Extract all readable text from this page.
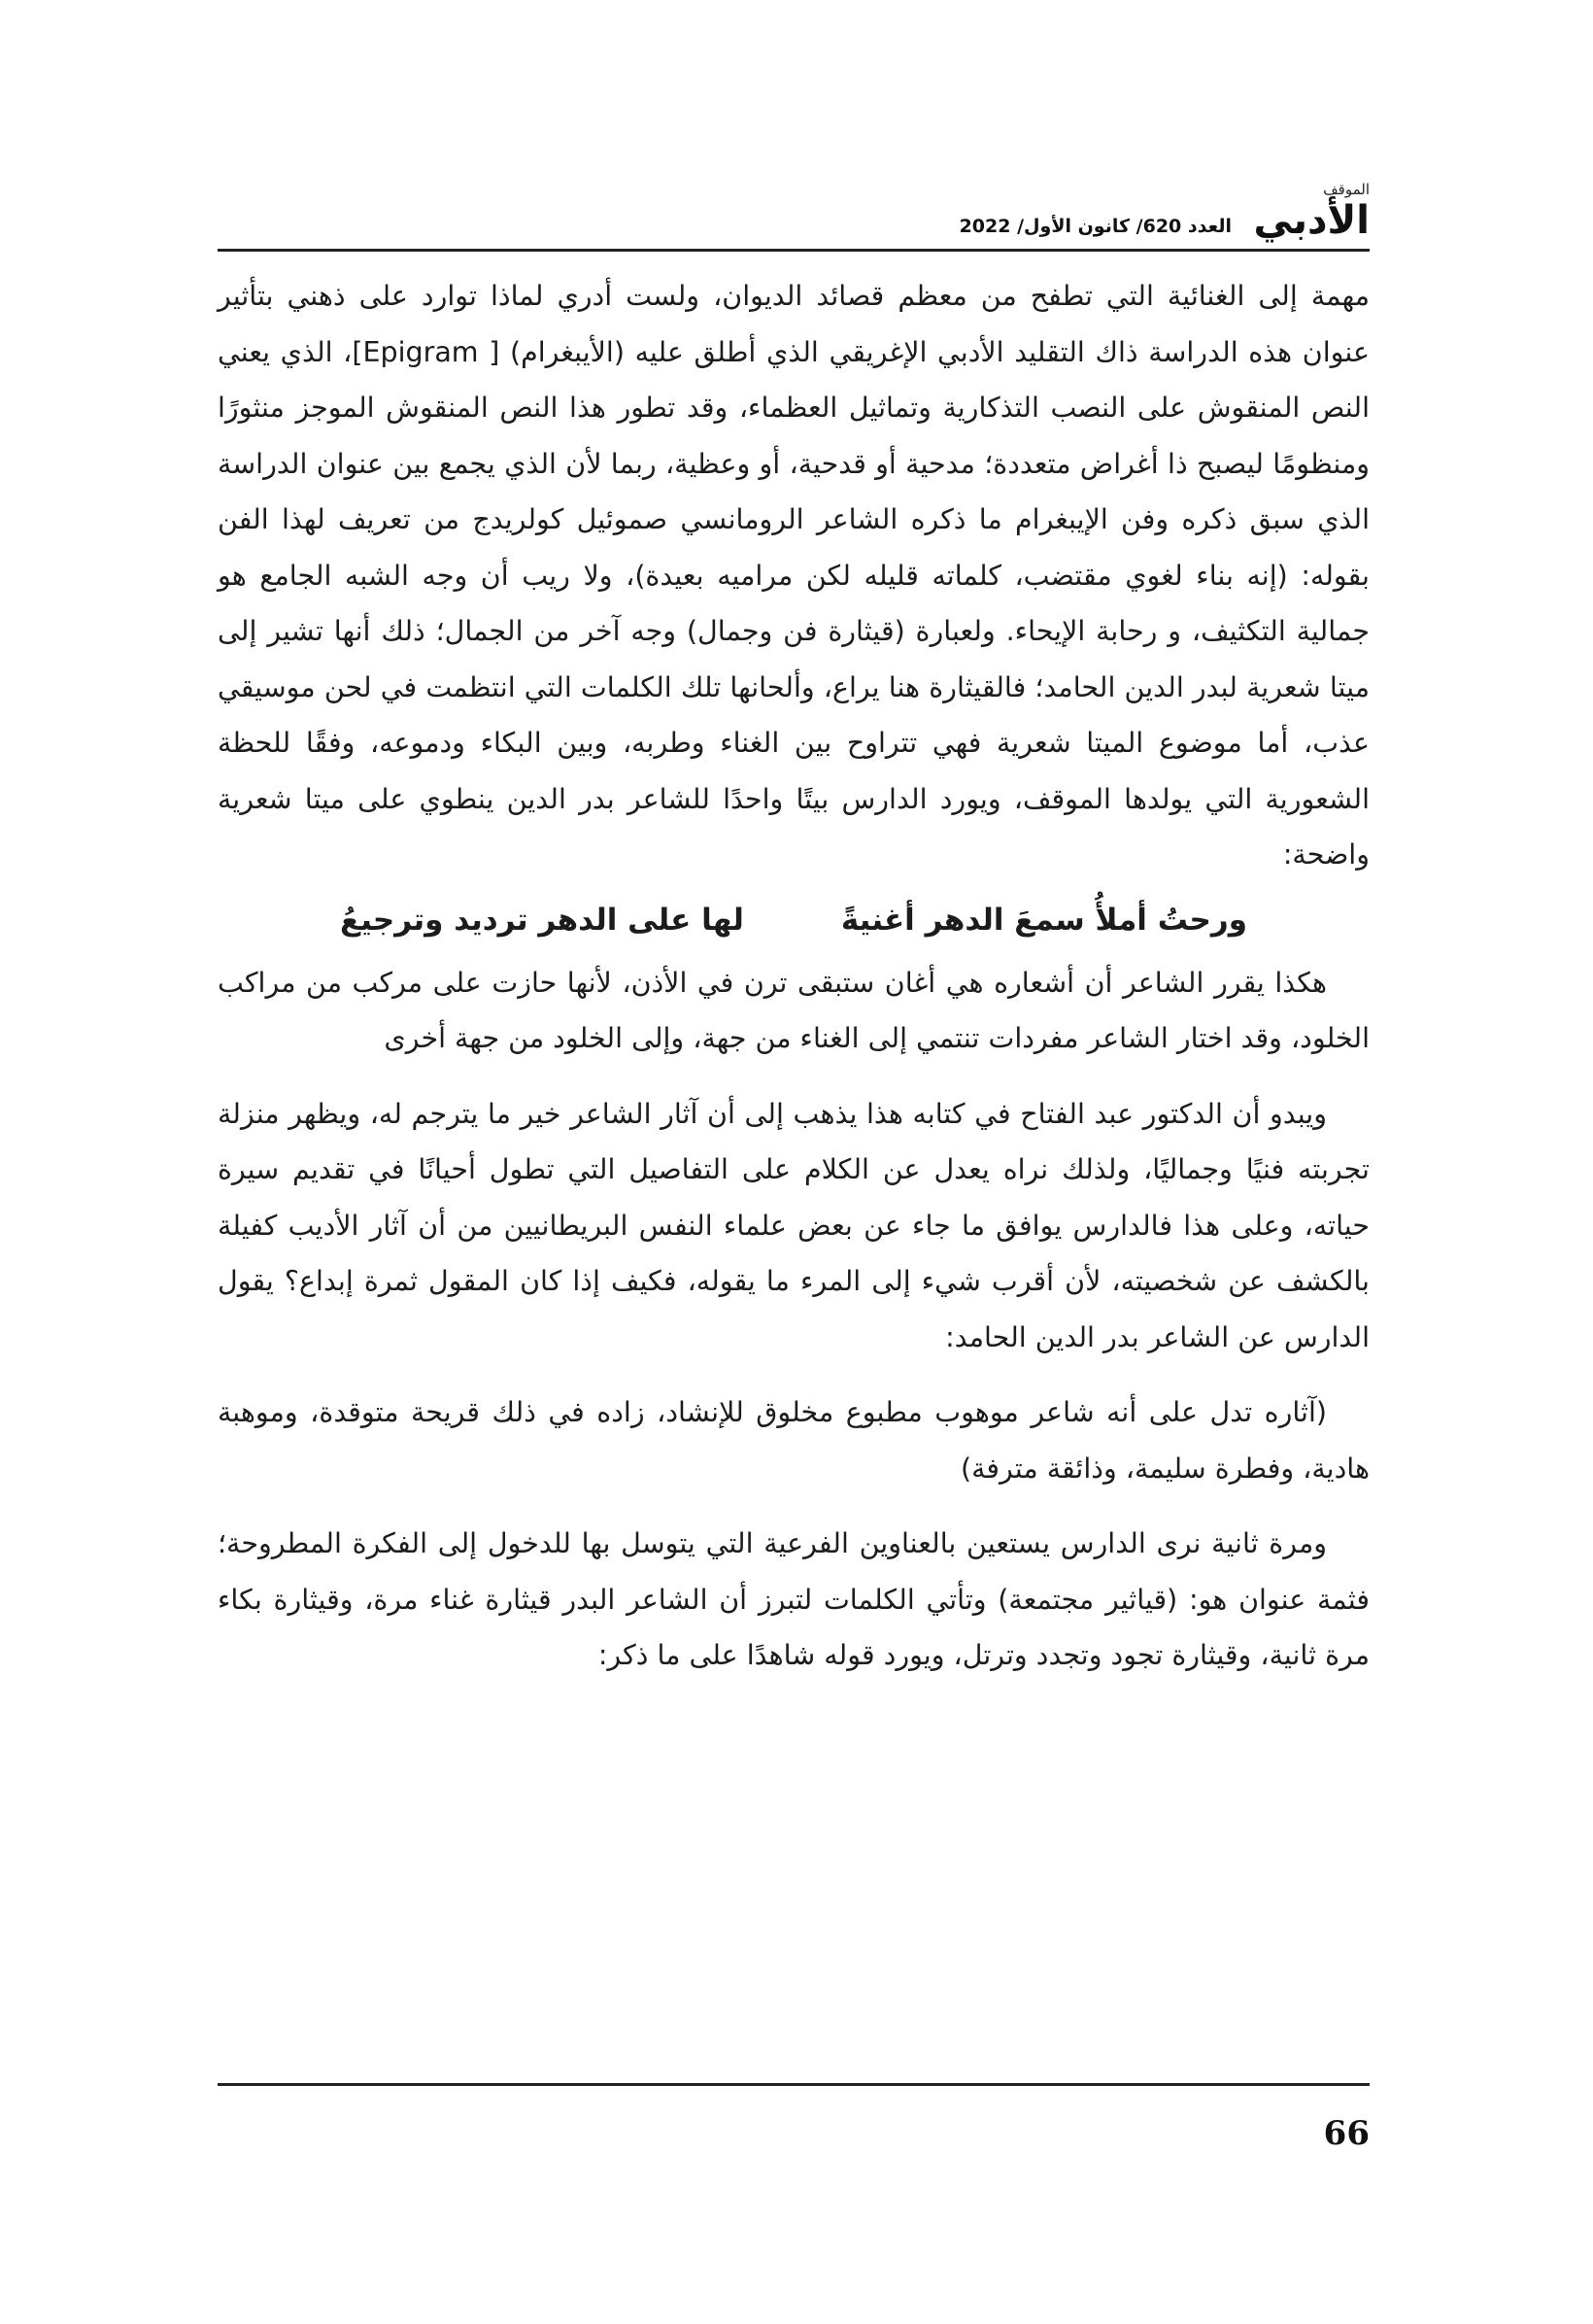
الموقف
الأدبي
العدد 620/ كانون الأول/ 2022

مهمة إلى الغنائية التي تطفح من معظم قصائد الديوان، ولست أدري لماذا توارد على ذهني بتأثير عنوان هذه الدراسة ذاك التقليد الأدبي الإغريقي الذي أطلق عليه (الأيبغرام) [ Epigram]، الذي يعني النص المنقوش على النصب التذكارية وتماثيل العظماء، وقد تطور هذا النص المنقوش الموجز منثورًا ومنظومًا ليصبح ذا أغراض متعددة؛ مدحية أو قدحية، أو وعظية، ربما لأن الذي يجمع بين عنوان الدراسة الذي سبق ذكره وفن الإيبغرام ما ذكره الشاعر الرومانسي صموئيل كولريدج من تعريف لهذا الفن بقوله: (إنه بناء لغوي مقتضب، كلماته قليله لكن مراميه بعيدة)، ولا ريب أن وجه الشبه الجامع هو جمالية التكثيف، و رحابة الإيحاء. ولعبارة (قيثارة فن وجمال) وجه آخر من الجمال؛ ذلك أنها تشير إلى ميتا شعرية لبدر الدين الحامد؛ فالقيثارة هنا يراع، وألحانها تلك الكلمات التي انتظمت في لحن موسيقي عذب، أما موضوع الميتا شعرية فهي تتراوح بين الغناء وطربه، وبين البكاء ودموعه، وفقًا للحظة الشعورية التي يولدها الموقف، ويورد الدارس بيتًا واحدًا للشاعر بدر الدين ينطوي على ميتا شعرية واضحة:

ورحتُ أملأُ سمعَ الدهر أغنيةً
لها على الدهر ترديد وترجيعُ

هكذا يقرر الشاعر أن أشعاره هي أغان ستبقى ترن في الأذن، لأنها حازت على مركب من مراكب الخلود، وقد اختار الشاعر مفردات تنتمي إلى الغناء من جهة، وإلى الخلود من جهة أخرى

ويبدو أن الدكتور عبد الفتاح في كتابه هذا يذهب إلى أن آثار الشاعر خير ما يترجم له، ويظهر منزلة تجربته فنيًا وجماليًا، ولذلك نراه يعدل عن الكلام على التفاصيل التي تطول أحيانًا في تقديم سيرة حياته، وعلى هذا فالدارس يوافق ما جاء عن بعض علماء النفس البريطانيين من أن آثار الأديب كفيلة بالكشف عن شخصيته، لأن أقرب شيء إلى المرء ما يقوله، فكيف إذا كان المقول ثمرة إبداع؟ يقول الدارس عن الشاعر بدر الدين الحامد:

(آثاره تدل على أنه شاعر موهوب مطبوع مخلوق للإنشاد، زاده في ذلك قريحة متوقدة، وموهبة هادية، وفطرة سليمة، وذائقة مترفة)

ومرة ثانية نرى الدارس يستعين بالعناوين الفرعية التي يتوسل بها للدخول إلى الفكرة المطروحة؛ فثمة عنوان هو: (قياثير مجتمعة) وتأتي الكلمات لتبرز أن الشاعر البدر قيثارة غناء مرة، وقيثارة بكاء مرة ثانية، وقيثارة تجود وتجدد وترتل، ويورد قوله شاهدًا على ما ذكر:

66
